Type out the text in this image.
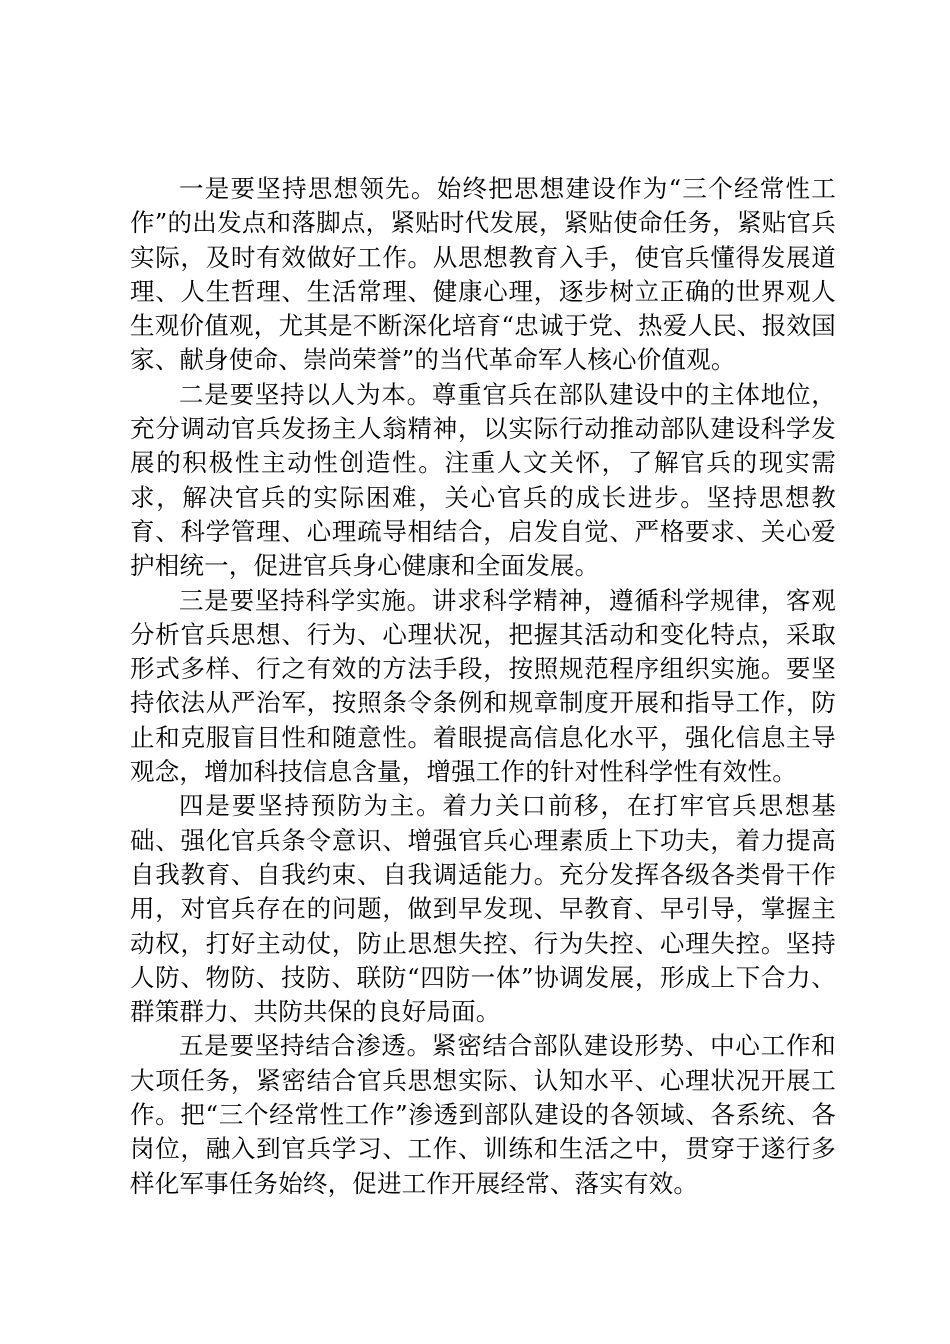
一是要坚持思想领先。始终把思想建设作为“三个经常性工作”的出发点和落脚点，紧贴时代发展，紧贴使命任务，紧贴官兵实际，及时有效做好工作。从思想教育入手，使官兵懂得发展道理、人生哲理、生活常理、健康心理，逐步树立正确的世界观人生观价值观，尤其是不断深化培育“忠诚于党、热爱人民、报效国家、献身使命、崇尚荣誉”的当代革命军人核心价值观。

二是要坚持以人为本。尊重官兵在部队建设中的主体地位，充分调动官兵发扬主人翁精神，以实际行动推动部队建设科学发展的积极性主动性创造性。注重人文关怀，了解官兵的现实需求，解决官兵的实际困难，关心官兵的成长进步。坚持思想教育、科学管理、心理疏导相结合，启发自觉、严格要求、关心爱护相统一，促进官兵身心健康和全面发展。

三是要坚持科学实施。讲求科学精神，遵循科学规律，客观分析官兵思想、行为、心理状况，把握其活动和变化特点，采取形式多样、行之有效的方法手段，按照规范程序组织实施。要坚持依法从严治军，按照条令条例和规章制度开展和指导工作，防止和克服盲目性和随意性。着眼提高信息化水平，强化信息主导观念，增加科技信息含量，增强工作的针对性科学性有效性。

四是要坚持预防为主。着力关口前移，在打牢官兵思想基础、强化官兵条令意识、增强官兵心理素质上下功夫，着力提高自我教育、自我约束、自我调适能力。充分发挥各级各类骨干作用，对官兵存在的问题，做到早发现、早教育、早引导，掌握主动权，打好主动仗，防止思想失控、行为失控、心理失控。坚持人防、物防、技防、联防“四防一体”协调发展，形成上下合力、群策群力、共防共保的良好局面。

五是要坚持结合渗透。紧密结合部队建设形势、中心工作和大项任务，紧密结合官兵思想实际、认知水平、心理状况开展工作。把“三个经常性工作”渗透到部队建设的各领域、各系统、各岗位，融入到官兵学习、工作、训练和生活之中，贯穿于遂行多样化军事任务始终，促进工作开展经常、落实有效。
